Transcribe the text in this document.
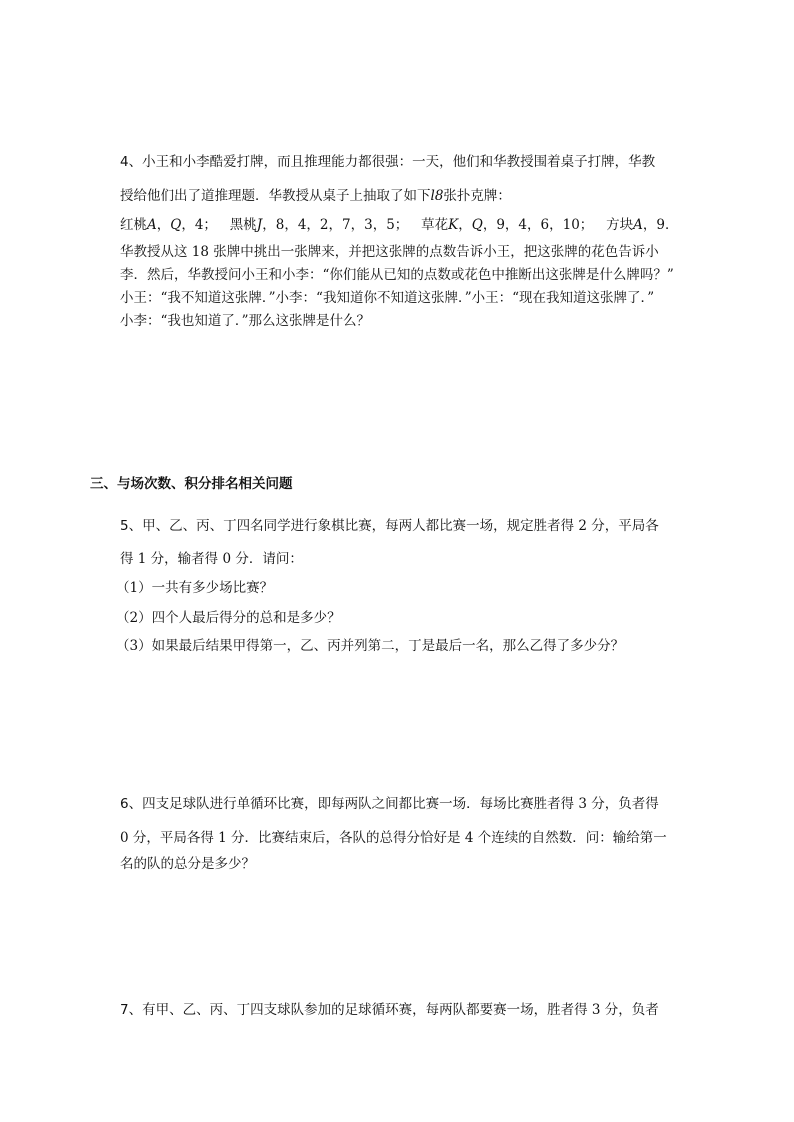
4、小王和小李酷爱打牌，而且推理能力都很强：一天，他们和华教授围着桌子打牌，华教
授给他们出了道推理题．华教授从桌子上抽取了如下l8张扑克牌：
红桃A，Q，4；   黑桃J，8，4，2，7，3，5；   草花K，Q，9，4，6，10；   方块A，9．
华教授从这 18 张牌中挑出一张牌来，并把这张牌的点数告诉小王，把这张牌的花色告诉小
李．然后，华教授问小王和小李：“你们能从已知的点数或花色中推断出这张牌是什么牌吗？”
小王：“我不知道这张牌．”小李：“我知道你不知道这张牌．”小王：“现在我知道这张牌了．”
小李：“我也知道了．”那么这张牌是什么？
三、与场次数、积分排名相关问题
5、甲、乙、丙、丁四名同学进行象棋比赛，每两人都比赛一场，规定胜者得 2 分，平局各
得 1 分，输者得 0 分．请问：
（1）一共有多少场比赛？
（2）四个人最后得分的总和是多少？
（3）如果最后结果甲得第一，乙、丙并列第二，丁是最后一名，那么乙得了多少分？
6、四支足球队进行单循环比赛，即每两队之间都比赛一场．每场比赛胜者得 3 分，负者得
0 分，平局各得 1 分．比赛结束后，各队的总得分恰好是 4 个连续的自然数．问：输给第一
名的队的总分是多少？
7、有甲、乙、丙、丁四支球队参加的足球循环赛，每两队都要赛一场，胜者得 3 分，负者
